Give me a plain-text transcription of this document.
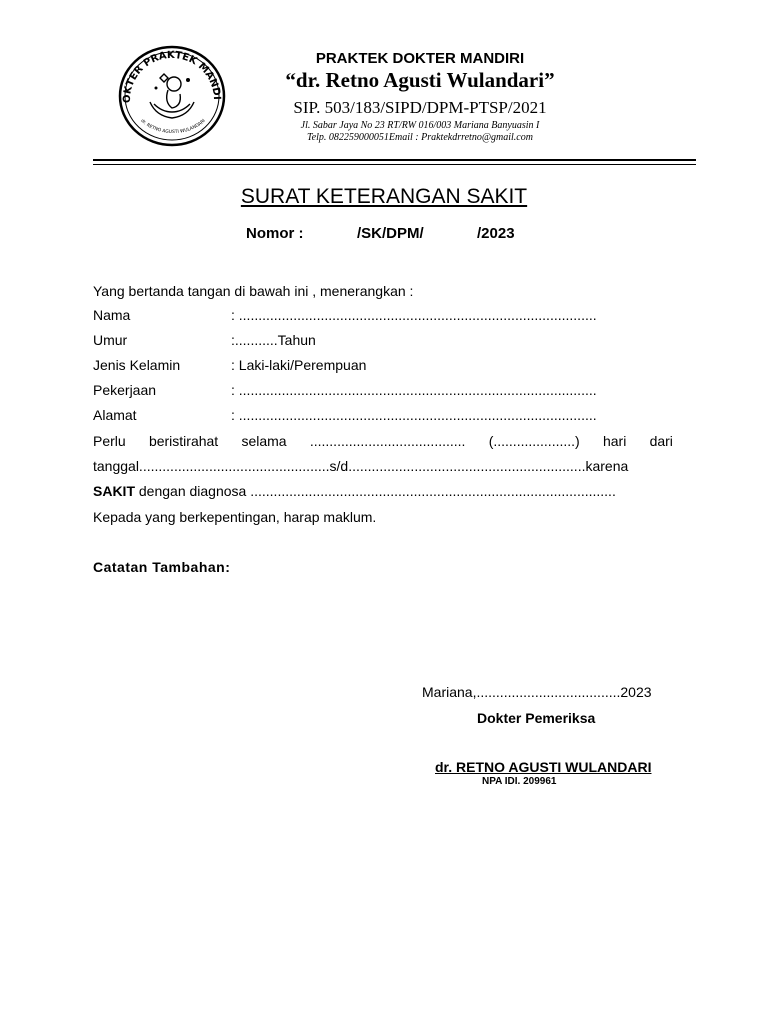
OKTER PRAKTEK MANDI
dr. RETNO AGUSTI WULANDARI
PRAKTEK DOKTER MANDIRI
“dr. Retno Agusti Wulandari”
SIP. 503/183/SIPD/DPM-PTSP/2021
Jl. Sabar Jaya No 23 RT/RW 016/003 Mariana Banyuasin I
Telp. 082259000051Email : Praktekdrretno@gmail.com
SURAT KETERANGAN SAKIT
Nomor :	/SK/DPM/	/2023
Yang bertanda tangan di bawah ini , menerangkan :
Nama	: ............................................................................................
Umur	:...........Tahun
Jenis Kelamin	: Laki-laki/Perempuan
Pekerjaan	: ............................................................................................
Alamat	: ............................................................................................
Perlu beristirahat selama ........................................ (.....................) hari dari
tanggal.................................................s/d.............................................................karena
SAKIT dengan diagnosa ..............................................................................................
Kepada yang berkepentingan, harap maklum.
Catatan Tambahan:
Mariana,.....................................2023
Dokter Pemeriksa
dr. RETNO AGUSTI WULANDARI
NPA IDI. 209961
